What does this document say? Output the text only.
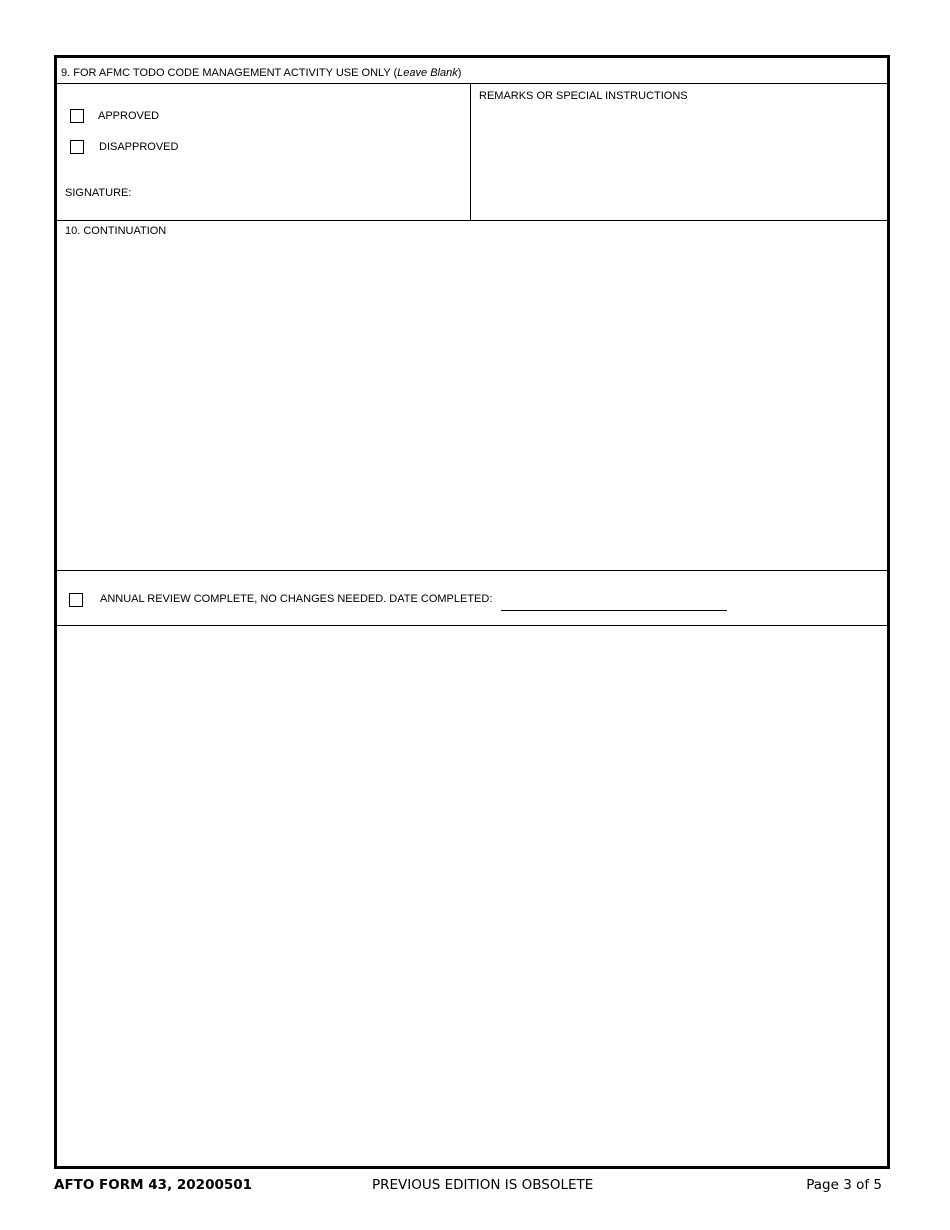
9. FOR AFMC TODO CODE MANAGEMENT ACTIVITY USE ONLY (Leave Blank)
APPROVED
DISAPPROVED
SIGNATURE:
REMARKS OR SPECIAL INSTRUCTIONS
10. CONTINUATION
ANNUAL REVIEW COMPLETE, NO CHANGES NEEDED. DATE COMPLETED:
AFTO FORM 43, 20200501	PREVIOUS EDITION IS OBSOLETE	Page 3 of 5
